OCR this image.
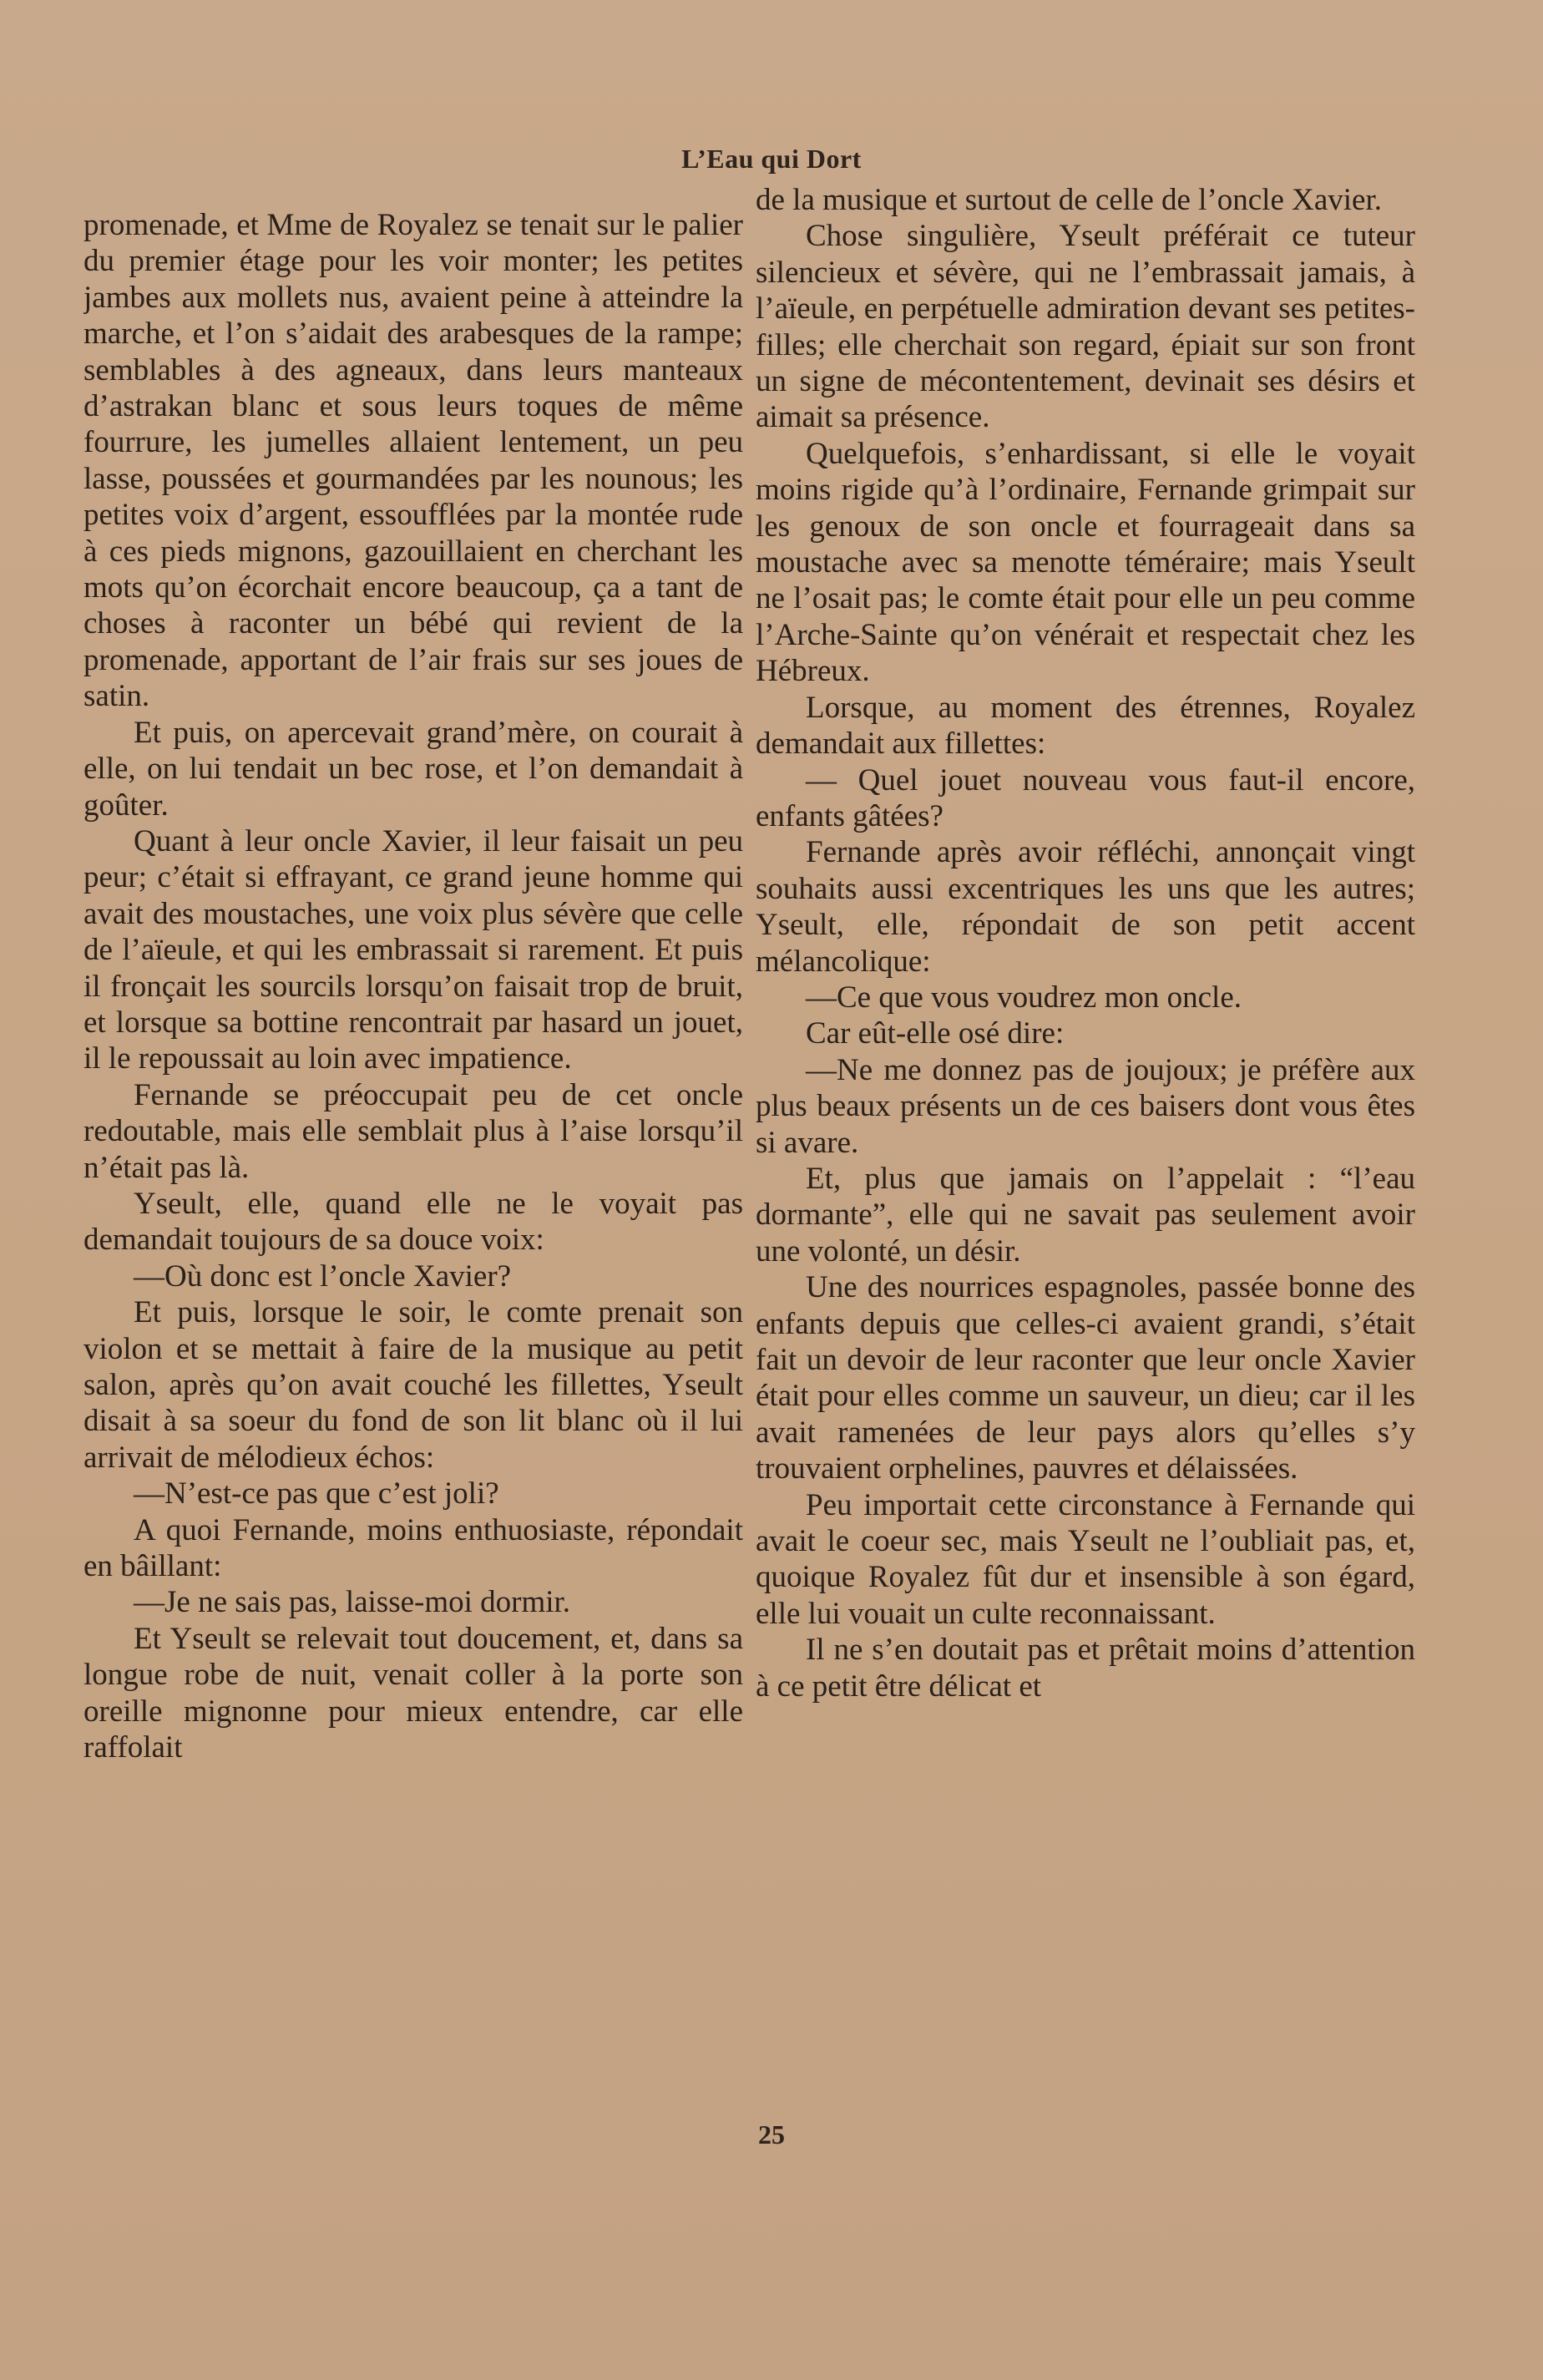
L’Eau qui Dort

promenade, et Mme de Royalez se tenait sur le palier du premier étage pour les voir monter; les petites jambes aux mollets nus, avaient peine à atteindre la marche, et l’on s’aidait des arabesques de la rampe; semblables à des agneaux, dans leurs manteaux d’astrakan blanc et sous leurs toques de même fourrure, les jumelles allaient lentement, un peu lasse, poussées et gourmandées par les nounous; les petites voix d’argent, essoufflées par la montée rude à ces pieds mignons, gazouillaient en cherchant les mots qu’on écorchait encore beaucoup, ça a tant de choses à raconter un bébé qui revient de la promenade, apportant de l’air frais sur ses joues de satin.

Et puis, on apercevait grand’mère, on courait à elle, on lui tendait un bec rose, et l’on demandait à goûter.

Quant à leur oncle Xavier, il leur faisait un peu peur; c’était si effrayant, ce grand jeune homme qui avait des moustaches, une voix plus sévère que celle de l’aïeule, et qui les embrassait si rarement. Et puis il fronçait les sourcils lorsqu’on faisait trop de bruit, et lorsque sa bottine rencontrait par hasard un jouet, il le repoussait au loin avec impatience.

Fernande se préoccupait peu de cet oncle redoutable, mais elle semblait plus à l’aise lorsqu’il n’était pas là.

Yseult, elle, quand elle ne le voyait pas demandait toujours de sa douce voix:

—Où donc est l’oncle Xavier?

Et puis, lorsque le soir, le comte prenait son violon et se mettait à faire de la musique au petit salon, après qu’on avait couché les fillettes, Yseult disait à sa soeur du fond de son lit blanc où il lui arrivait de mélodieux échos:

—N’est-ce pas que c’est joli?

A quoi Fernande, moins enthuosiaste, répondait en bâillant:

—Je ne sais pas, laisse-moi dormir.

Et Yseult se relevait tout doucement, et, dans sa longue robe de nuit, venait coller à la porte son oreille mignonne pour mieux entendre, car elle raffolait

de la musique et surtout de celle de l’oncle Xavier.

Chose singulière, Yseult préférait ce tuteur silencieux et sévère, qui ne l’embrassait jamais, à l’aïeule, en perpétuelle admiration devant ses petites-filles; elle cherchait son regard, épiait sur son front un signe de mécontentement, devinait ses désirs et aimait sa présence.

Quelquefois, s’enhardissant, si elle le voyait moins rigide qu’à l’ordinaire, Fernande grimpait sur les genoux de son oncle et fourrageait dans sa moustache avec sa menotte téméraire; mais Yseult ne l’osait pas; le comte était pour elle un peu comme l’Arche-Sainte qu’on vénérait et respectait chez les Hébreux.

Lorsque, au moment des étrennes, Royalez demandait aux fillettes:

— Quel jouet nouveau vous faut-il encore, enfants gâtées?

Fernande après avoir réfléchi, annonçait vingt souhaits aussi excentriques les uns que les autres; Yseult, elle, répondait de son petit accent mélancolique:

—Ce que vous voudrez mon oncle.

Car eût-elle osé dire:

—Ne me donnez pas de joujoux; je préfère aux plus beaux présents un de ces baisers dont vous êtes si avare.

Et, plus que jamais on l’appelait : “l’eau dormante”, elle qui ne savait pas seulement avoir une volonté, un désir.

Une des nourrices espagnoles, passée bonne des enfants depuis que celles-ci avaient grandi, s’était fait un devoir de leur raconter que leur oncle Xavier était pour elles comme un sauveur, un dieu; car il les avait ramenées de leur pays alors qu’elles s’y trouvaient orphelines, pauvres et délaissées.

Peu importait cette circonstance à Fernande qui avait le coeur sec, mais Yseult ne l’oubliait pas, et, quoique Royalez fût dur et insensible à son égard, elle lui vouait un culte reconnaissant.

Il ne s’en doutait pas et prêtait moins d’attention à ce petit être délicat et

25
